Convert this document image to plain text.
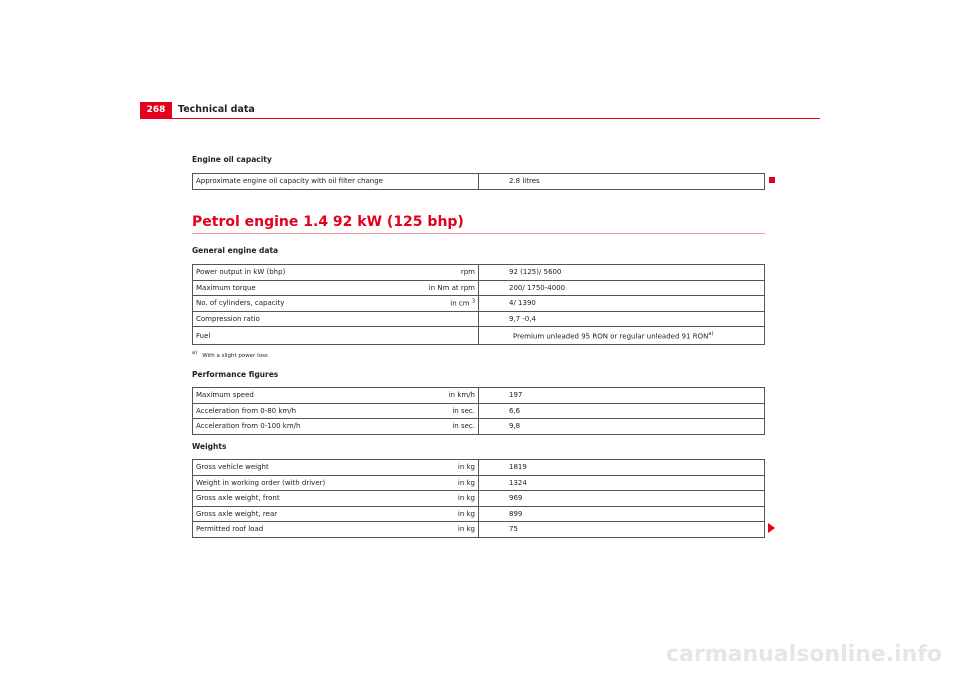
268	Technical data
Engine oil capacity
Approximate engine oil capacity with oil filter change	2.8 litres
Petrol engine 1.4 92 kW (125 bhp)
General engine data
Power output in kW (bhp) rpm	92 (125)/ 5600
Maximum torque in Nm at rpm	200/ 1750-4000
No. of cylinders, capacity in cm $^3$	4/ 1390
Compression ratio	9,7 -0,4
Fuel	Premium unleaded 95 RON or regular unleaded 91 RON$^{a)}$
$^{a)}$ With a slight power loss
Performance figures
Maximum speed in km/h	197
Acceleration from 0-80 km/h in sec.	6,6
Acceleration from 0-100 km/h in sec.	9,8
Weights
Gross vehicle weight in kg	1819
Weight in working order (with driver) in kg	1324
Gross axle weight, front in kg	969
Gross axle weight, rear in kg	899
Permitted roof load in kg	75
carmanualsonline.info
